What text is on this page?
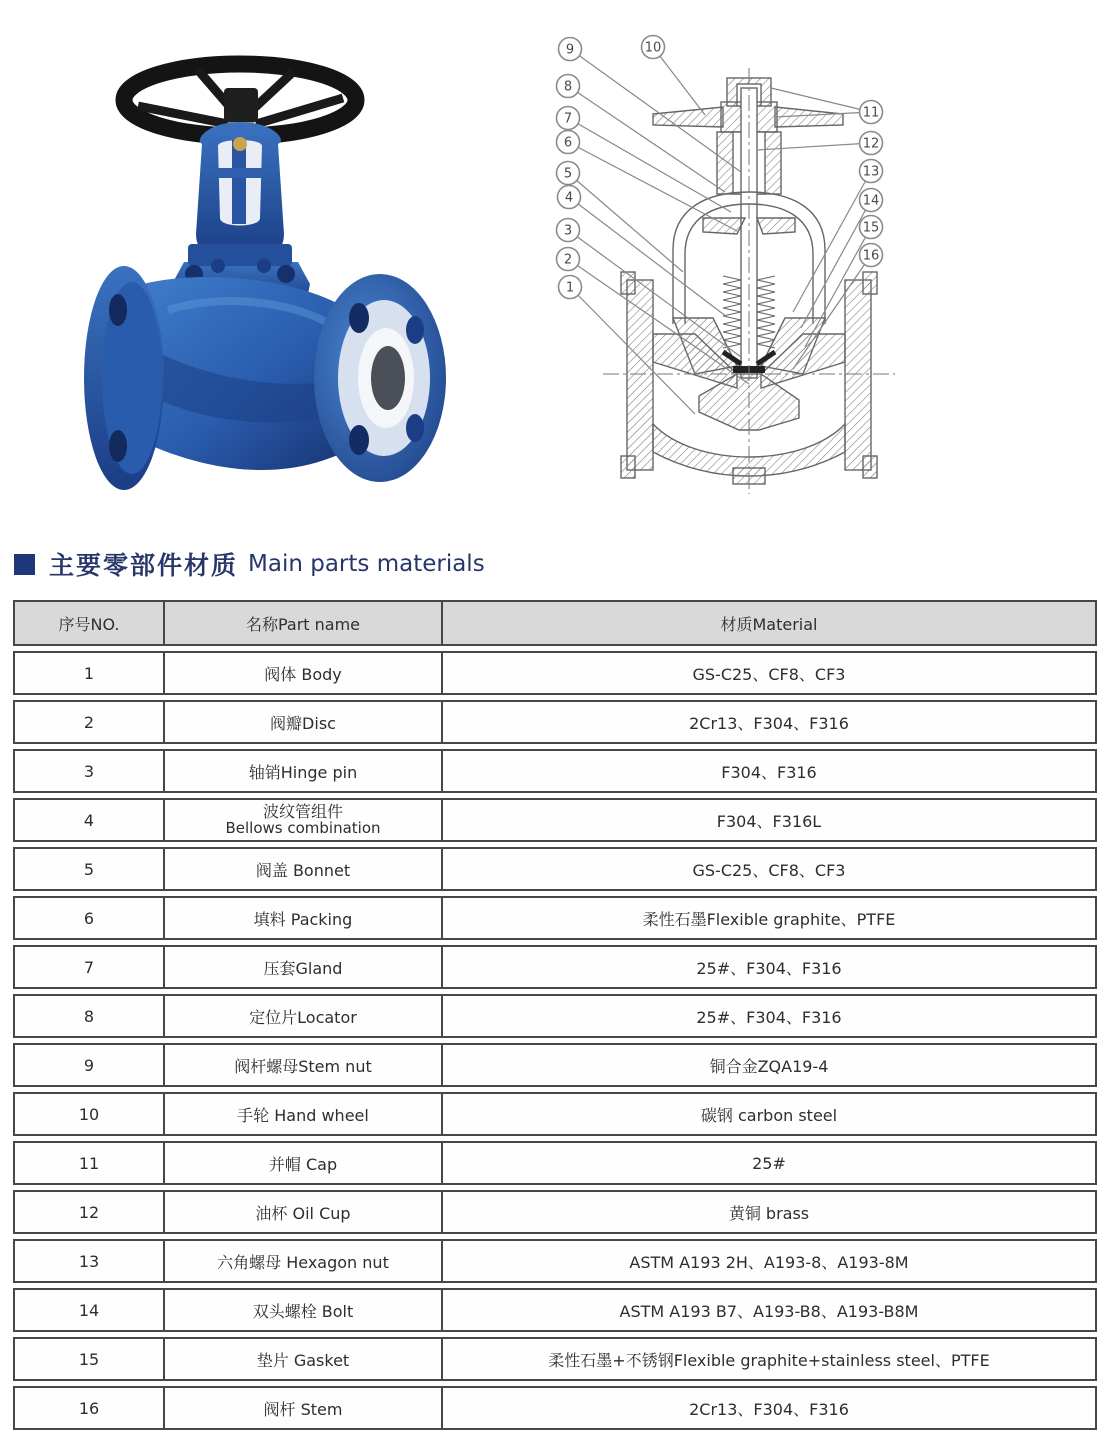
1
2
3
4
5
6
7
8
9	10
11
12
13
14
15
16
主要零部件材质 Main parts materials
序号NO.	名称Part name	材质Material
1	阀体 Body	GS-C25、CF8、CF3
2	阀瓣Disc	2Cr13、F304、F316
3	轴销Hinge pin	F304、F316
4	波纹管组件
Bellows combination	F304、F316L
5	阀盖 Bonnet	GS-C25、CF8、CF3
6	填料 Packing	柔性石墨Flexible graphite、PTFE
7	压套Gland	25#、F304、F316
8	定位片Locator	25#、F304、F316
9	阀杆螺母Stem nut	铜合金ZQA19-4
10	手轮 Hand wheel	碳钢 carbon steel
11	并帽 Cap	25#
12	油杯 Oil Cup	黄铜 brass
13	六角螺母 Hexagon nut	ASTM A193 2H、A193-8、A193-8M
14	双头螺栓 Bolt	ASTM A193 B7、A193-B8、A193-B8M
15	垫片 Gasket	柔性石墨+不锈钢Flexible graphite+stainless steel、PTFE
16	阀杆 Stem	2Cr13、F304、F316
